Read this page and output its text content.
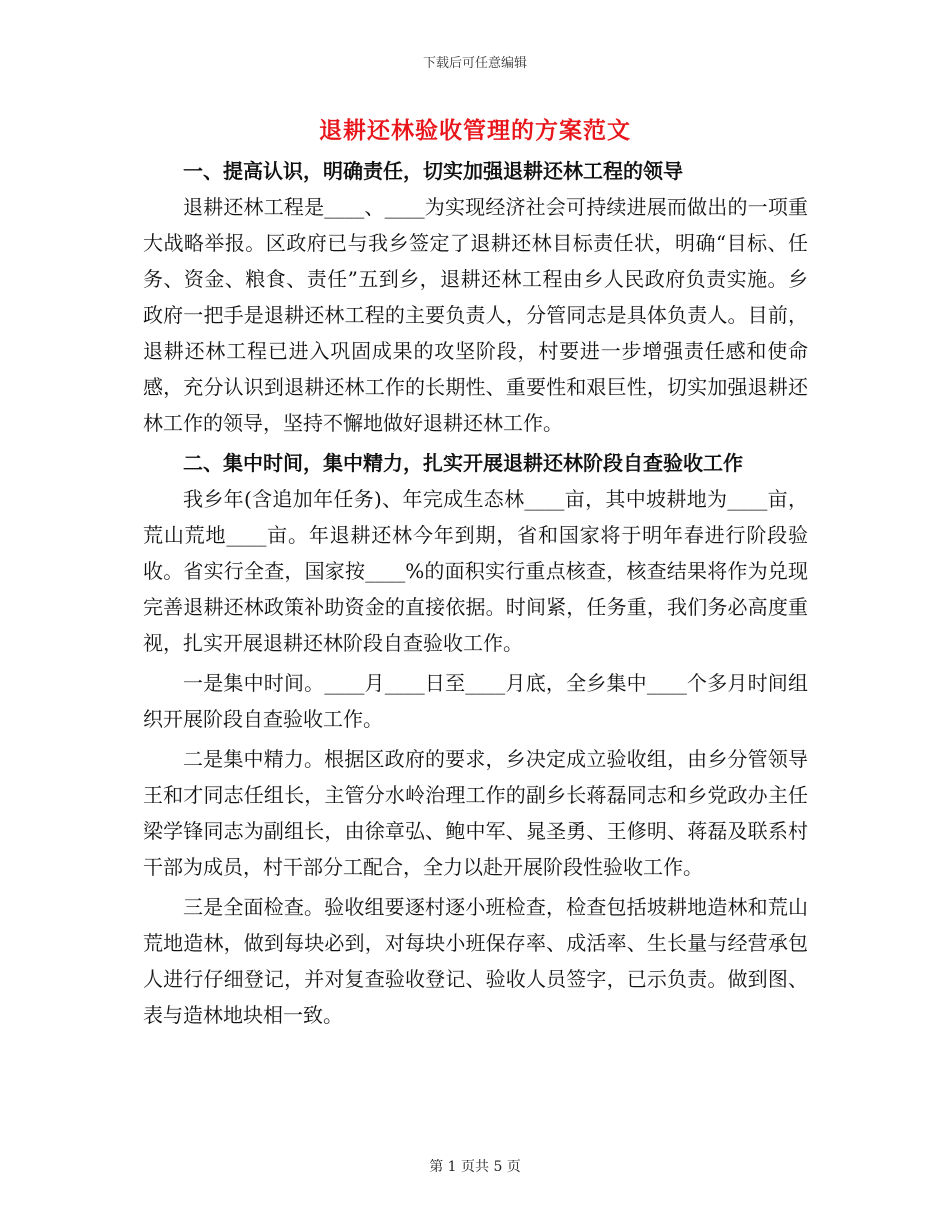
下载后可任意编辑
退耕还林验收管理的方案范文

一、提高认识，明确责任，切实加强退耕还林工程的领导

退耕还林工程是____、____为实现经济社会可持续进展而做出的一项重大战略举报。区政府已与我乡签定了退耕还林目标责任状，明确“目标、任务、资金、粮食、责任”五到乡，退耕还林工程由乡人民政府负责实施。乡政府一把手是退耕还林工程的主要负责人，分管同志是具体负责人。目前，退耕还林工程已进入巩固成果的攻坚阶段，村要进一步增强责任感和使命感，充分认识到退耕还林工作的长期性、重要性和艰巨性，切实加强退耕还林工作的领导，坚持不懈地做好退耕还林工作。

二、集中时间，集中精力，扎实开展退耕还林阶段自查验收工作

我乡年(含追加年任务)、年完成生态林____亩，其中坡耕地为____亩，荒山荒地____亩。年退耕还林今年到期，省和国家将于明年春进行阶段验收。省实行全查，国家按____%的面积实行重点核查，核查结果将作为兑现完善退耕还林政策补助资金的直接依据。时间紧，任务重，我们务必高度重视，扎实开展退耕还林阶段自查验收工作。

一是集中时间。____月____日至____月底，全乡集中____个多月时间组织开展阶段自查验收工作。

二是集中精力。根据区政府的要求，乡决定成立验收组，由乡分管领导王和才同志任组长，主管分水岭治理工作的副乡长蒋磊同志和乡党政办主任梁学锋同志为副组长，由徐章弘、鲍中军、晁圣勇、王修明、蒋磊及联系村干部为成员，村干部分工配合，全力以赴开展阶段性验收工作。

三是全面检查。验收组要逐村逐小班检查，检查包括坡耕地造林和荒山荒地造林，做到每块必到，对每块小班保存率、成活率、生长量与经营承包人进行仔细登记，并对复查验收登记、验收人员签字，已示负责。做到图、表与造林地块相一致。

第 1 页共 5 页
